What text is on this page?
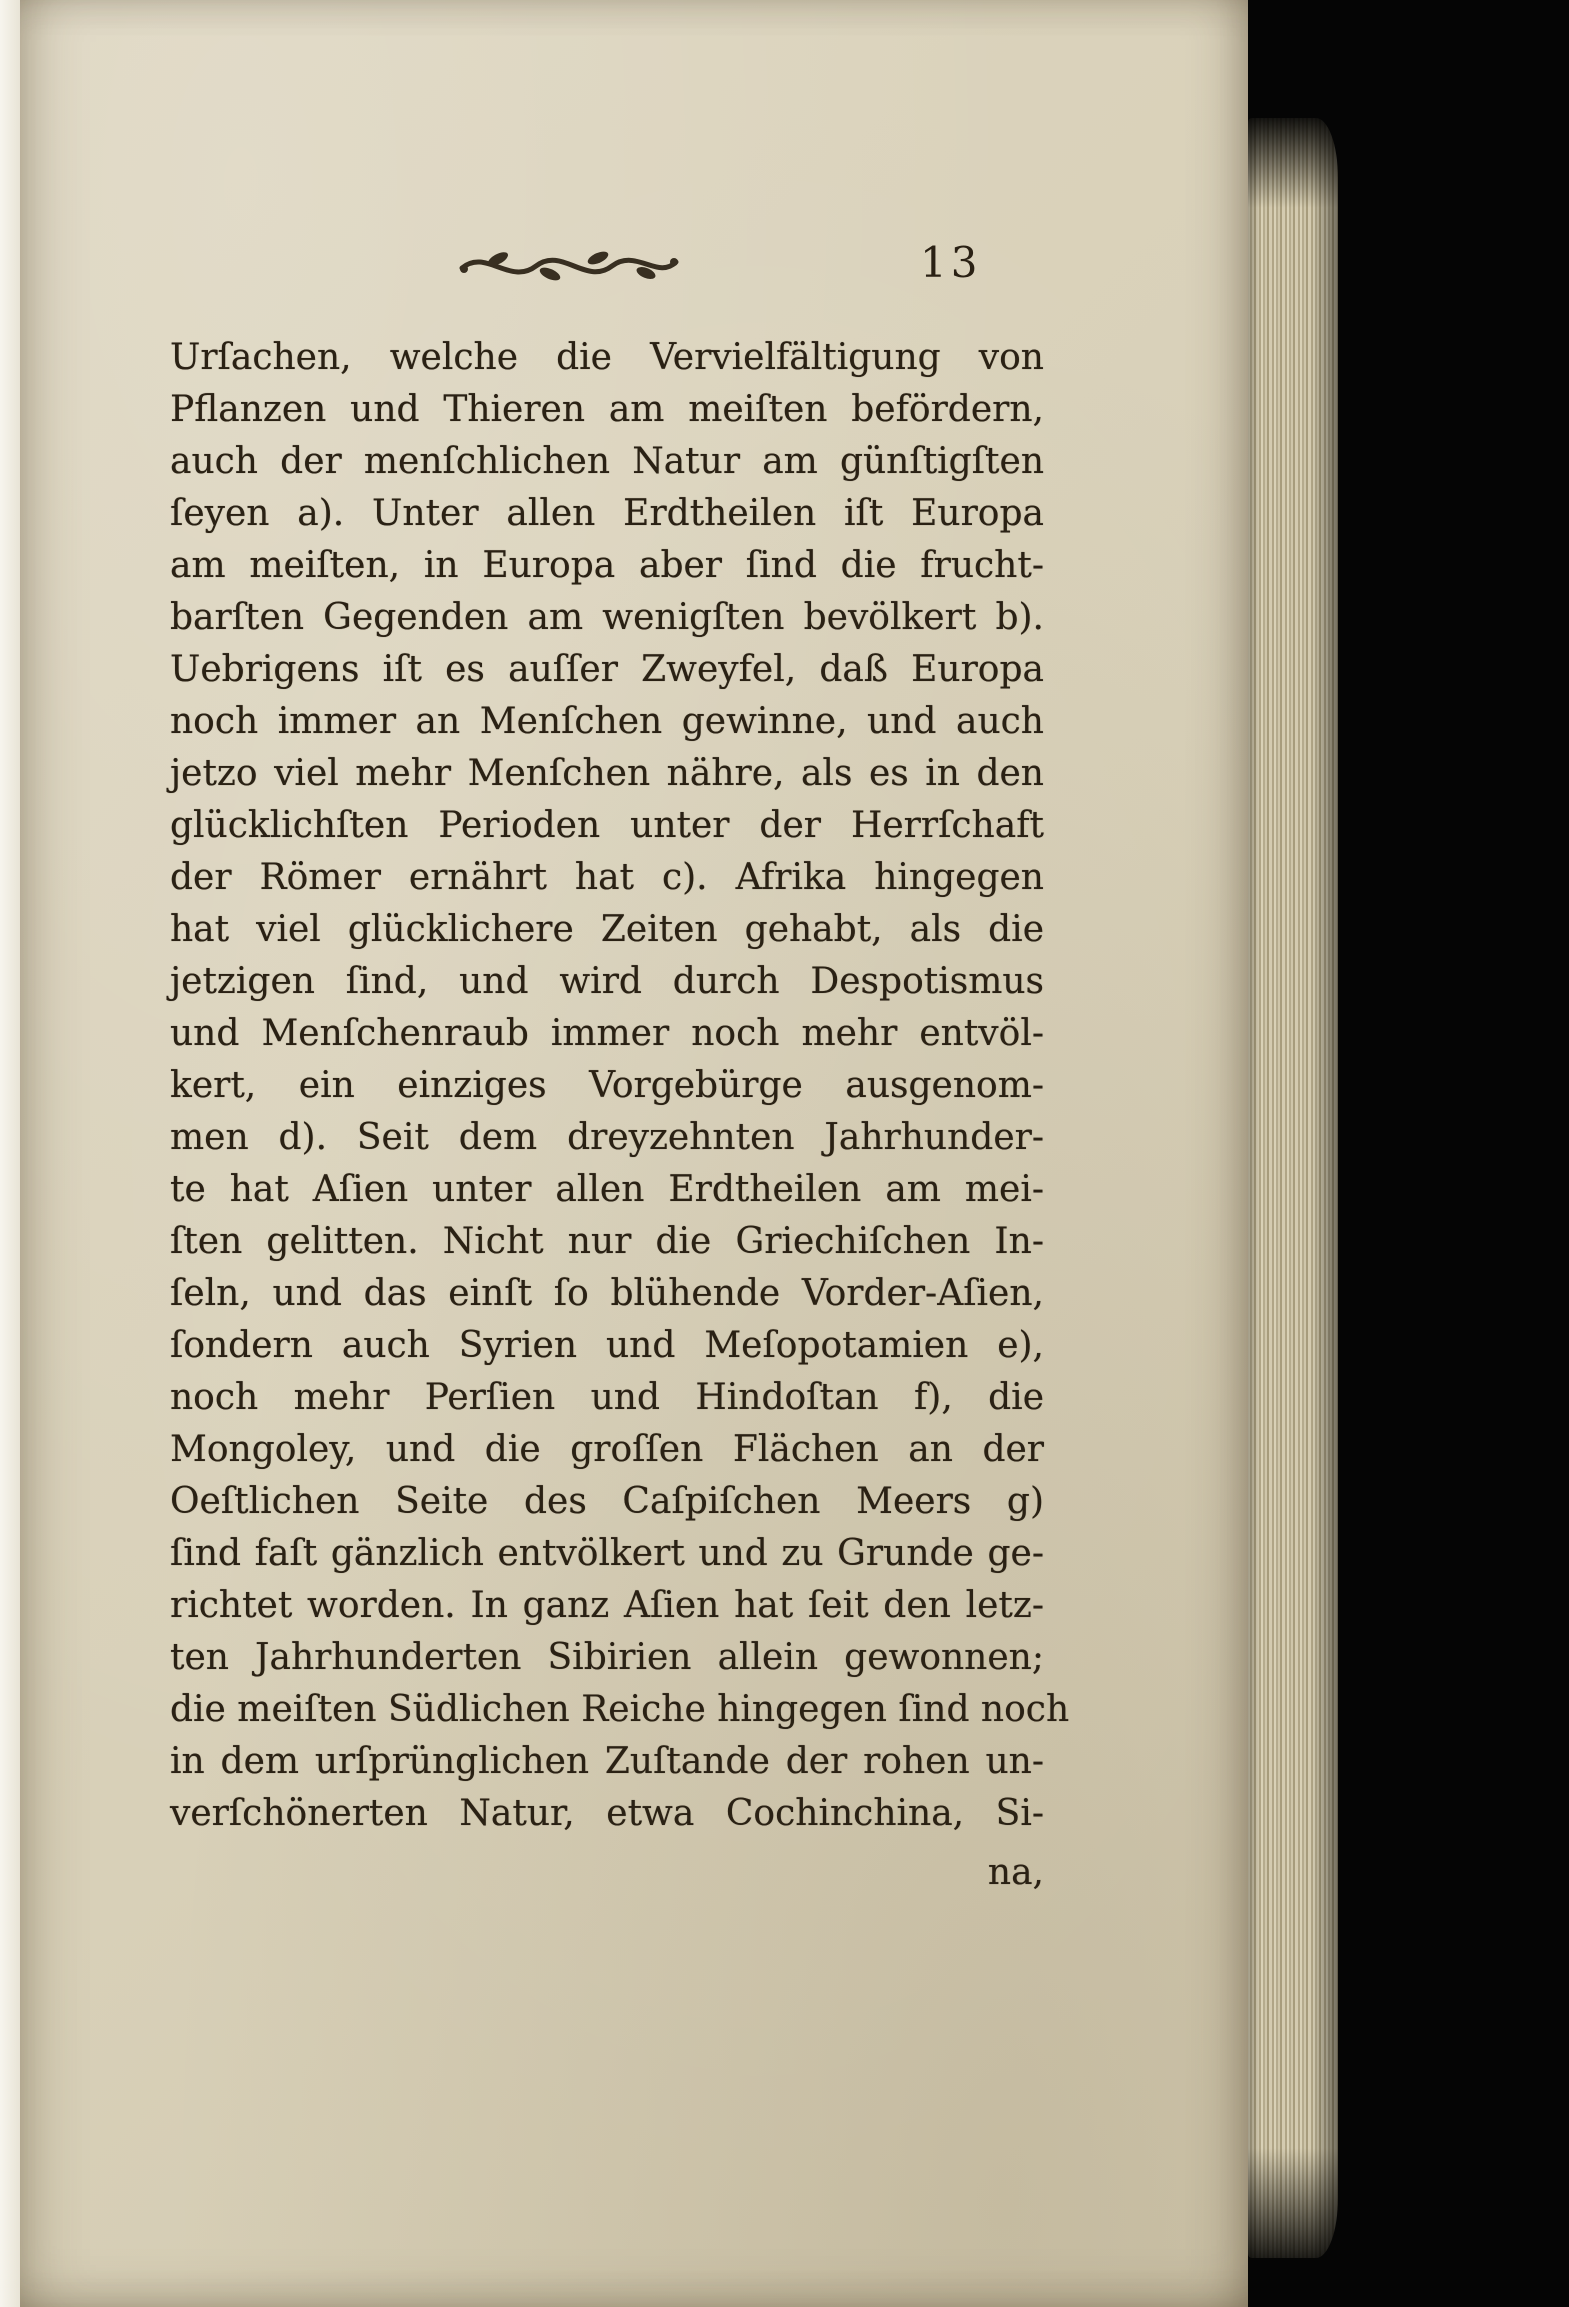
13
Urſachen, welche die Vervielfältigung von
Pflanzen und Thieren am meiſten befördern,
auch der menſchlichen Natur am günſtigſten
ſeyen a). Unter allen Erdtheilen iſt Europa
am meiſten, in Europa aber ſind die frucht-
barſten Gegenden am wenigſten bevölkert b).
Uebrigens iſt es auſſer Zweyfel, daß Europa
noch immer an Menſchen gewinne, und auch
jetzo viel mehr Menſchen nähre, als es in den
glücklichſten Perioden unter der Herrſchaft
der Römer ernährt hat c). Afrika hingegen
hat viel glücklichere Zeiten gehabt, als die
jetzigen ſind, und wird durch Despotismus
und Menſchenraub immer noch mehr entvöl-
kert, ein einziges Vorgebürge ausgenom-
men d). Seit dem dreyzehnten Jahrhunder-
te hat Aſien unter allen Erdtheilen am mei-
ſten gelitten. Nicht nur die Griechiſchen In-
ſeln, und das einſt ſo blühende Vorder-Aſien,
ſondern auch Syrien und Meſopotamien e),
noch mehr Perſien und Hindoſtan f), die
Mongoley, und die groſſen Flächen an der
Oeſtlichen Seite des Caſpiſchen Meers g)
ſind faſt gänzlich entvölkert und zu Grunde ge-
richtet worden. In ganz Aſien hat ſeit den letz-
ten Jahrhunderten Sibirien allein gewonnen;
die meiſten Südlichen Reiche hingegen ſind noch
in dem urſprünglichen Zuſtande der rohen un-
verſchönerten Natur, etwa Cochinchina, Si-
na,
